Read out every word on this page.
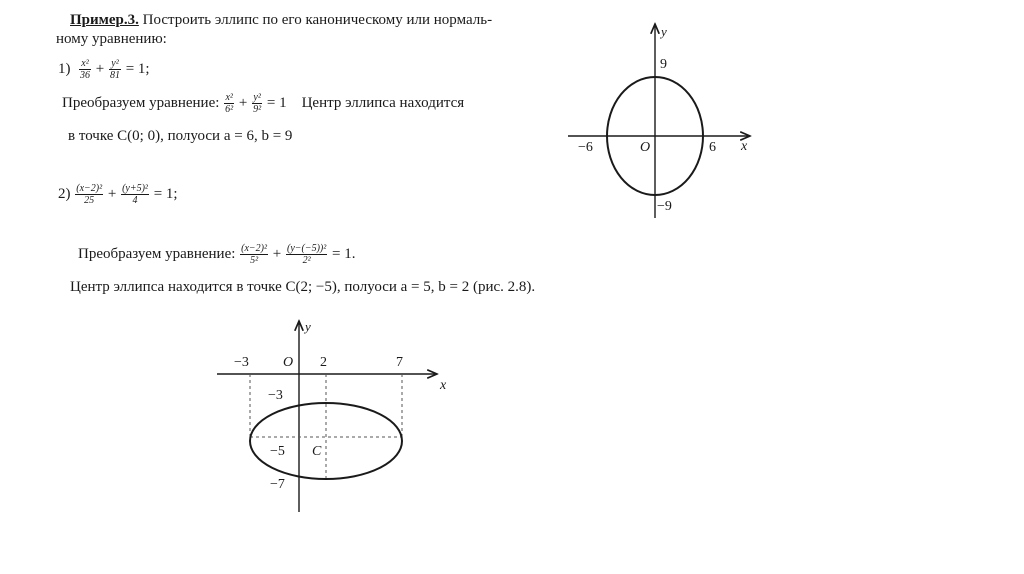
Пример.3. Построить эллипс по его каноническому или нормаль-
ному уравнению:
$1) \frac{\text{x²}}{36} + \frac{\text{y²}}{81} = 1$;
Преобразуем уравнение: $\frac{\text{x²}}{\text{6²}} + \frac{\text{y²}}{\text{9²}} = 1$ Центр эллипса находится
в точке C(0; 0), полуоси a = 6, b = 9
$2) \frac{\text{(x−2)²}}{25} + \frac{\text{(y+5)²}}{4} = 1$;
Преобразуем уравнение: $\frac{\text{(x−2)²}}{\text{5²}} + \frac{\text{(y−(−5))²}}{\text{2²}} = 1$.
Центр эллипса находится в точке C(2; −5), полуоси a = 5, b = 2 (рис. 2.8).
y
x
9
−9
−6	6
O
y
x
−3 O 2	7
−3
−5
−7
C
